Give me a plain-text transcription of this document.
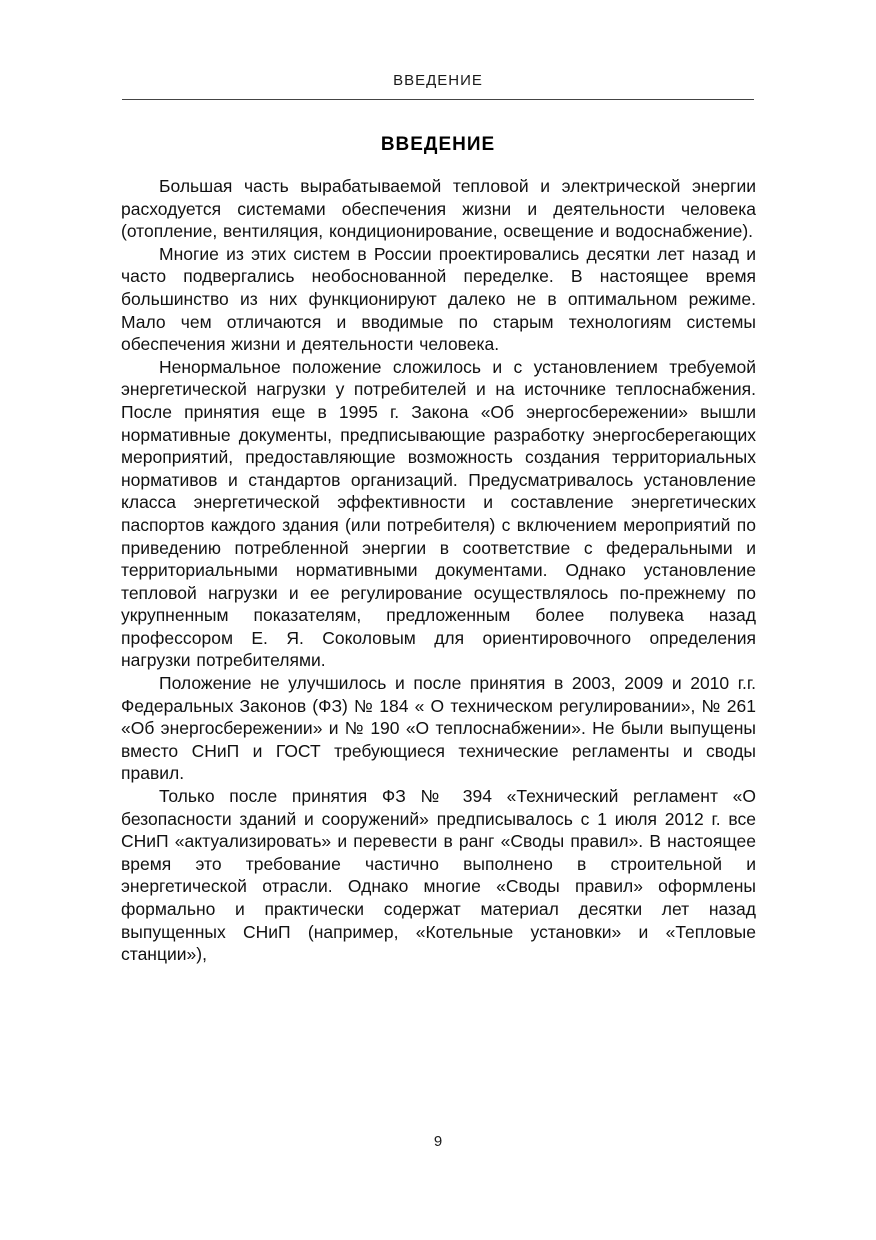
ВВЕДЕНИЕ
ВВЕДЕНИЕ

Большая часть вырабатываемой тепловой и электрической энергии расходуется системами обеспечения жизни и деятельности человека (отопление, вентиляция, кондиционирование, освещение и водоснабжение).

Многие из этих систем в России проектировались десятки лет назад и часто подвергались необоснованной переделке. В настоящее время большинство из них функционируют далеко не в оптимальном режиме. Мало чем отличаются и вводимые по старым технологиям системы обеспечения жизни и деятельности человека.

Ненормальное положение сложилось и с установлением требуемой энергетической нагрузки у потребителей и на источнике теплоснабжения. После принятия еще в 1995 г. Закона «Об энергосбережении» вышли нормативные документы, предписывающие разработку энергосберегающих мероприятий, предоставляющие возможность создания территориальных нормативов и стандартов организаций. Предусматривалось установление класса энергетической эффективности и составление энергетических паспортов каждого здания (или потребителя) с включением мероприятий по приведению потребленной энергии в соответствие с федеральными и территориальными нормативными документами. Однако установление тепловой нагрузки и ее регулирование осуществлялось по-прежнему по укрупненным показателям, предложенным более полувека назад профессором Е. Я. Соколовым для ориентировочного определения нагрузки потребителями.

Положение не улучшилось и после принятия в 2003, 2009 и 2010 г.г. Федеральных Законов (ФЗ) № 184 « О техническом регулировании», № 261 «Об энергосбережении» и № 190 «О теплоснабжении». Не были выпущены вместо СНиП и ГОСТ требующиеся технические регламенты и своды правил.

Только после принятия ФЗ № 394 «Технический регламент «О безопасности зданий и сооружений» предписывалось с 1 июля 2012 г. все СНиП «актуализировать» и перевести в ранг «Своды правил». В настоящее время это требование частично выполнено в строительной и энергетической отрасли. Однако многие «Своды правил» оформлены формально и практически содержат материал десятки лет назад выпущенных СНиП (например, «Котельные установки» и «Тепловые станции»),

9
